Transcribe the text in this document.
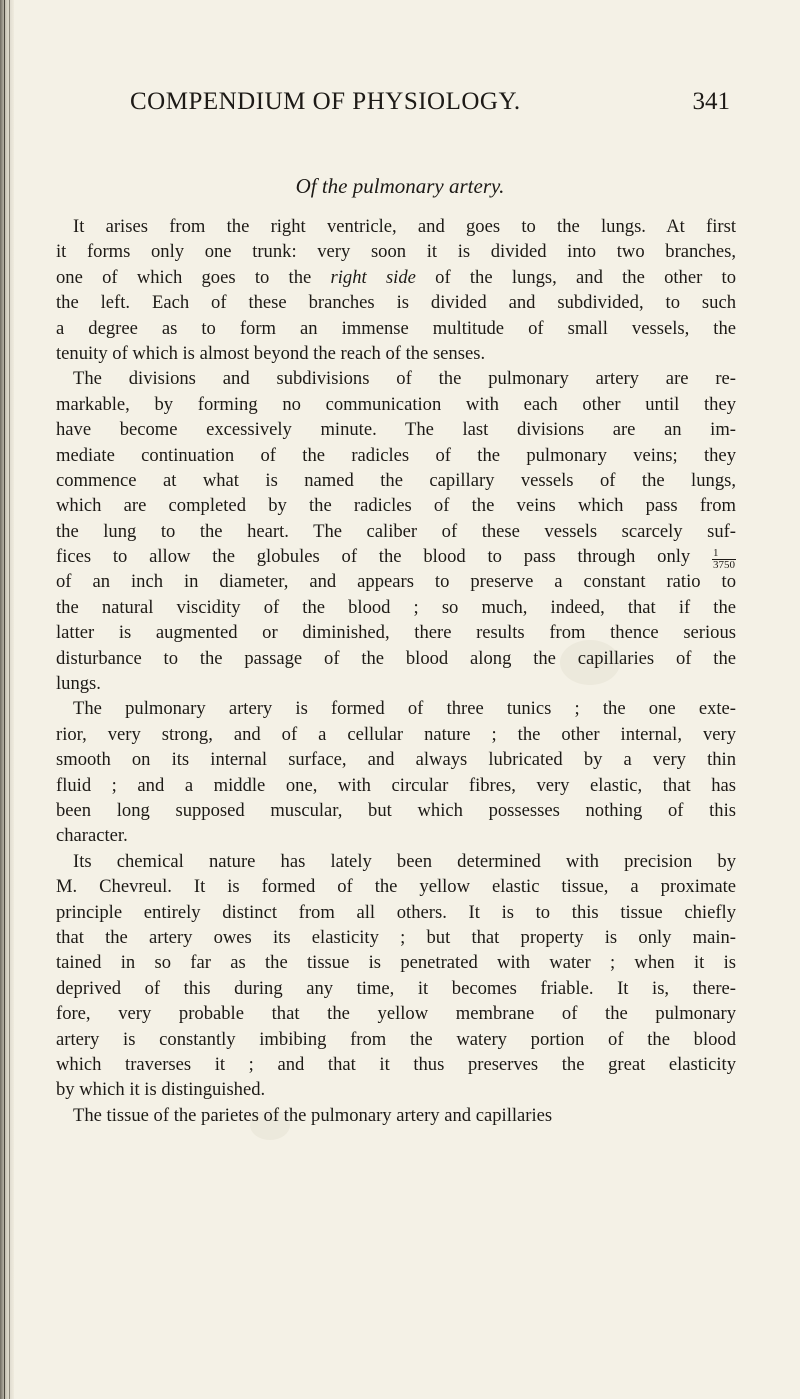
COMPENDIUM OF PHYSIOLOGY.	341
Of the pulmonary artery.
It arises from the right ventricle, and goes to the lungs. At first
it forms only one trunk: very soon it is divided into two branches,
one of which goes to the right side of the lungs, and the other to
the left. Each of these branches is divided and subdivided, to such
a degree as to form an immense multitude of small vessels, the
tenuity of which is almost beyond the reach of the senses.
The divisions and subdivisions of the pulmonary artery are re-
markable, by forming no communication with each other until they
have become excessively minute. The last divisions are an im-
mediate continuation of the radicles of the pulmonary veins; they
commence at what is named the capillary vessels of the lungs,
which are completed by the radicles of the veins which pass from
the lung to the heart. The caliber of these vessels scarcely suf-
fices to allow the globules of the blood to pass through only $\frac{1}{3750}$
of an inch in diameter, and appears to preserve a constant ratio to
the natural viscidity of the blood ; so much, indeed, that if the
latter is augmented or diminished, there results from thence serious
disturbance to the passage of the blood along the capillaries of the
lungs.
The pulmonary artery is formed of three tunics ; the one exte-
rior, very strong, and of a cellular nature ; the other internal, very
smooth on its internal surface, and always lubricated by a very thin
fluid ; and a middle one, with circular fibres, very elastic, that has
been long supposed muscular, but which possesses nothing of this
character.
Its chemical nature has lately been determined with precision by
M. Chevreul. It is formed of the yellow elastic tissue, a proximate
principle entirely distinct from all others. It is to this tissue chiefly
that the artery owes its elasticity ; but that property is only main-
tained in so far as the tissue is penetrated with water ; when it is
deprived of this during any time, it becomes friable. It is, there-
fore, very probable that the yellow membrane of the pulmonary
artery is constantly imbibing from the watery portion of the blood
which traverses it ; and that it thus preserves the great elasticity
by which it is distinguished.
The tissue of the parietes of the pulmonary artery and capillaries
